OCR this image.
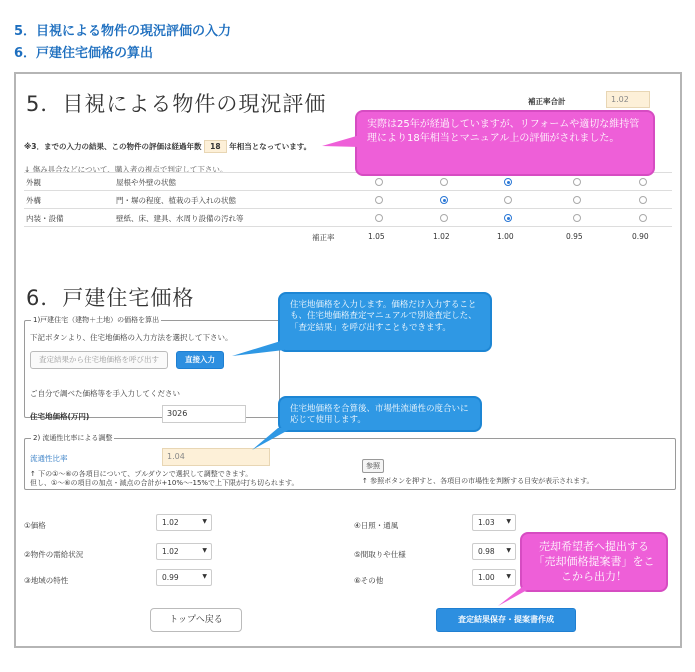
5．目視による物件の現況評価の入力
6．戸建住宅価格の算出
5．目視による物件の現況評価	補正率合計	1.02
※3．までの入力の結果、この物件の評価は経過年数 18 年相当となっています。
↓ 傷み具合などについて、購入者の視点で判定して下さい。
外観	屋根や外壁の状態
外構	門・塀の程度、植栽の手入れの状態
内装・設備	壁紙、床、建具、水周り設備の汚れ等
補正率	1.05	1.02	1.00	0.95	0.90
6．戸建住宅価格
1)戸建住宅（建物＋土地）の価格を算出
下記ボタンより、住宅地価格の入力方法を選択して下さい。
査定結果から住宅地価格を呼び出す	直接入力
ご自分で調べた価格等を手入力してください
住宅地価格(万円)	3026
2) 流通性比率による調整
流通性比率	1.04
↑ 下の①～⑥の各項目について、プルダウンで選択して調整できます。
但し、①～⑥の項目の加点・減点の合計が+10%～-15%で上下限が打ち切られます。
参照
↑ 参照ボタンを押すと、各項目の市場性を判断する目安が表示されます。
①価格	1.02	▼
②物件の需給状況	1.02	▼
③地域の特性	0.99	▼
④日照・通風	1.03 ▼
⑤間取りや仕様	0.98 ▼
⑥その他	1.00 ▼
トップへ戻る	査定結果保存・提案書作成
実際は25年が経過していますが、リフォームや適切な維持管理により18年相当とマニュアル上の評価がされました。
住宅地価格を入力します。価格だけ入力することも、住宅地価格査定マニュアルで別途査定した、「査定結果」を呼び出すこともできます。
住宅地価格を合算後、市場性流通性の度合いに応じて使用します。
売却希望者へ提出する「売却価格提案書」をここから出力！
